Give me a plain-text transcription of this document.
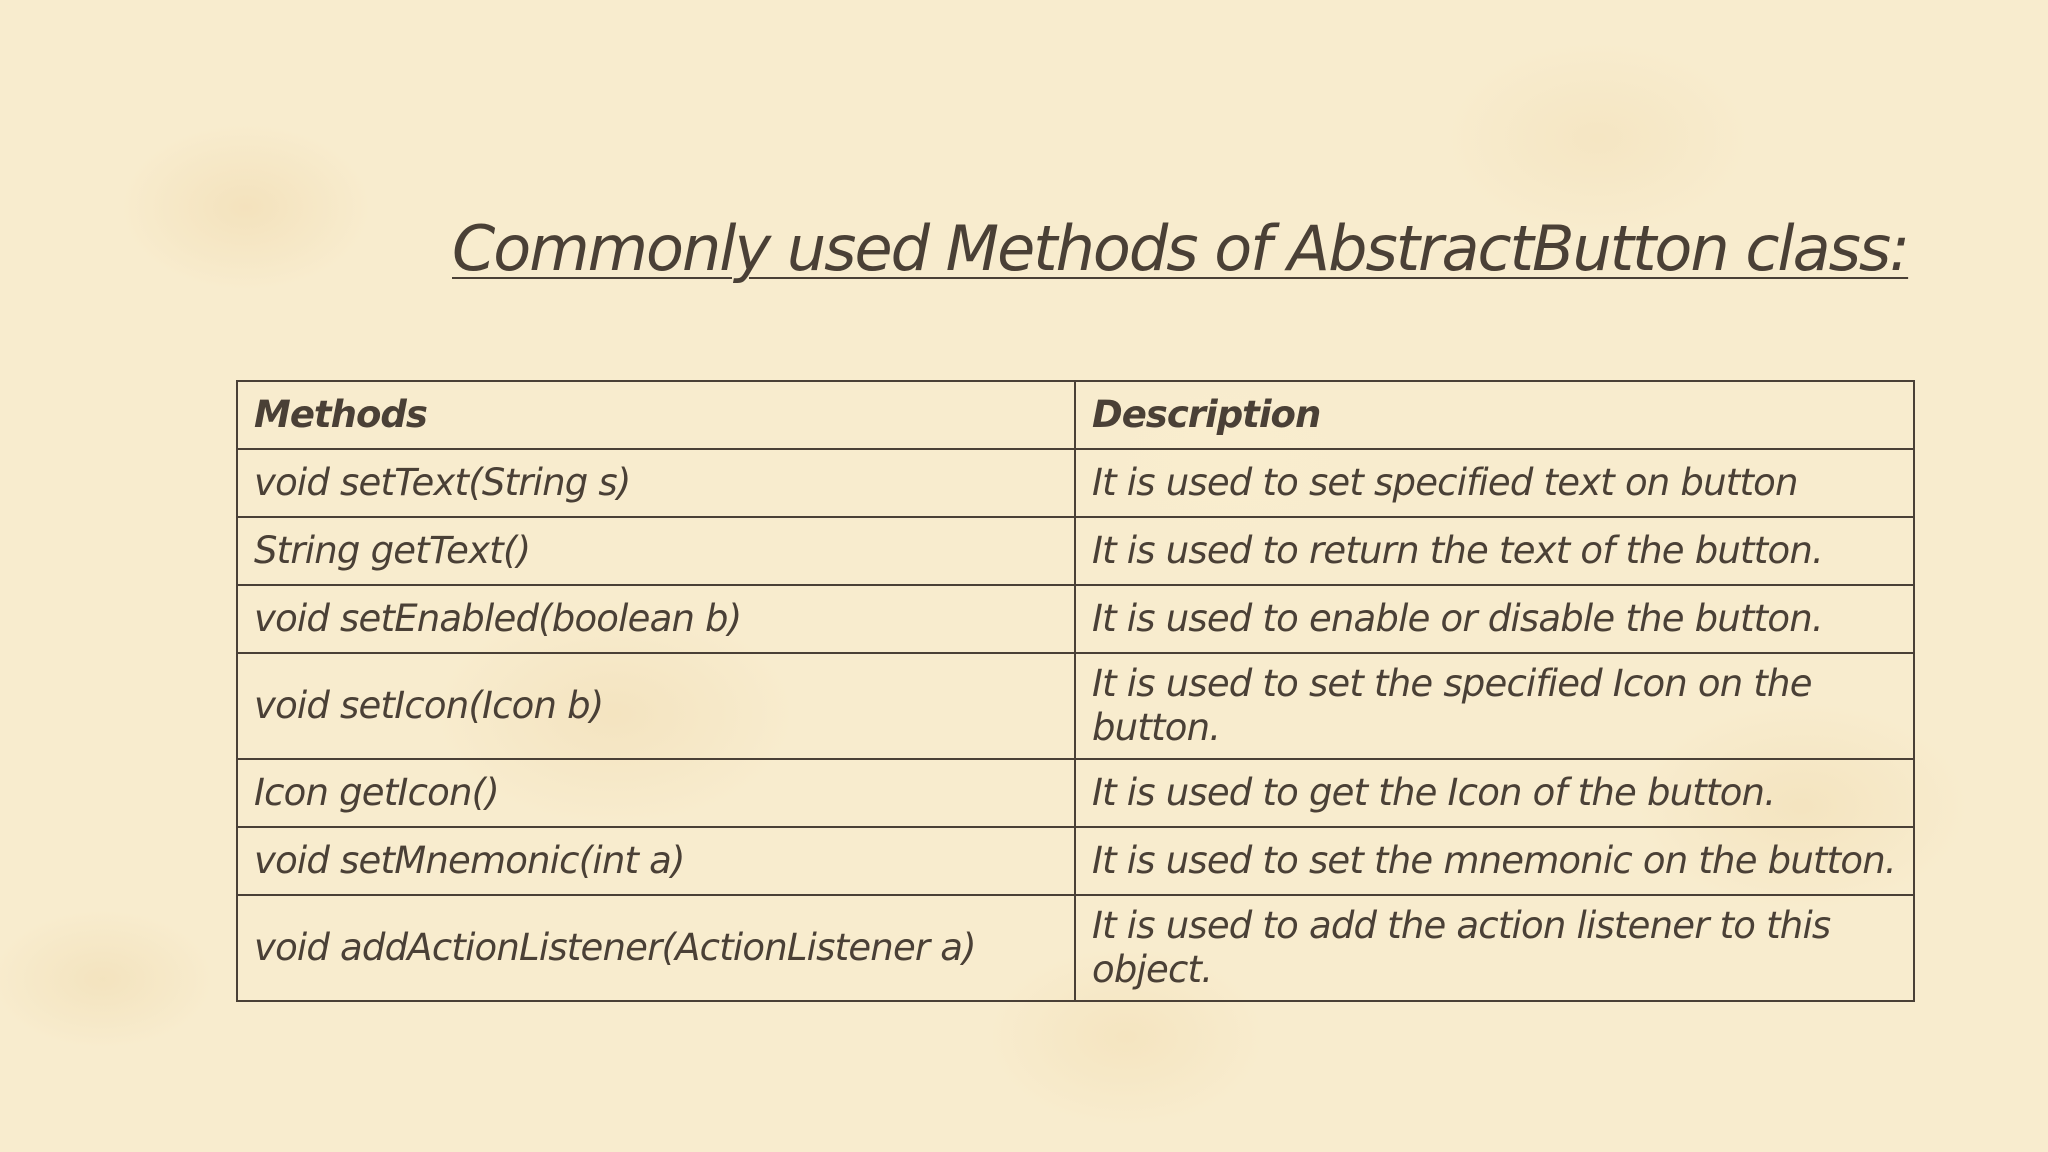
Commonly used Methods of AbstractButton class:
Methods	Description
void setText(String s)	It is used to set specified text on button
String getText()	It is used to return the text of the button.
void setEnabled(boolean b)	It is used to enable or disable the button.
void setIcon(Icon b)	It is used to set the specified Icon on the button.
Icon getIcon()	It is used to get the Icon of the button.
void setMnemonic(int a)	It is used to set the mnemonic on the button.
void addActionListener(ActionListener a)	It is used to add the action listener to this object.
